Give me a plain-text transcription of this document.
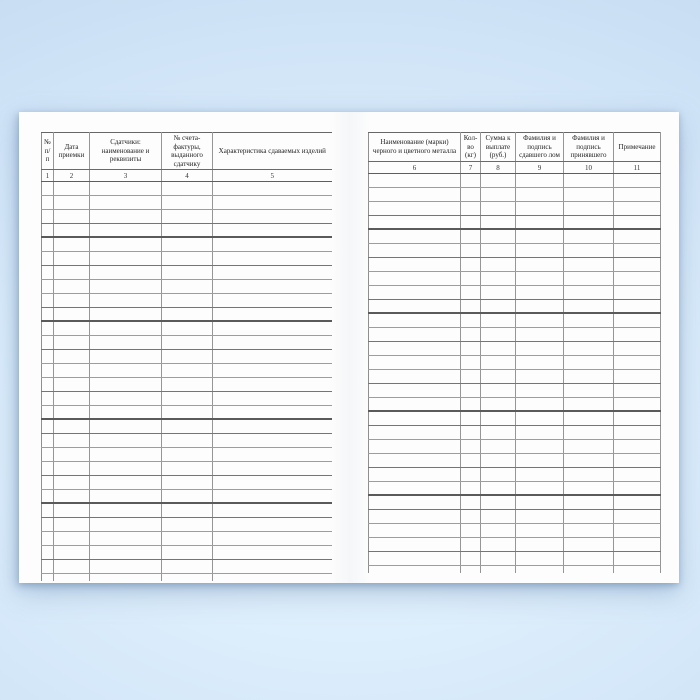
№ п/п	Дата приемки	Сдатчики: наименование и реквизиты	№ счета-фактуры, выданного сдатчику	Характеристика сдаваемых изделий
1	2	3	4	5

Наименование (марки) черного и цветного металла	Кол-во (кг)	Сумма к выплате (руб.)	Фамилия и подпись сдавшего лом	Фамилия и подпись принявшего	Примечание
6	7	8	9	10	11
